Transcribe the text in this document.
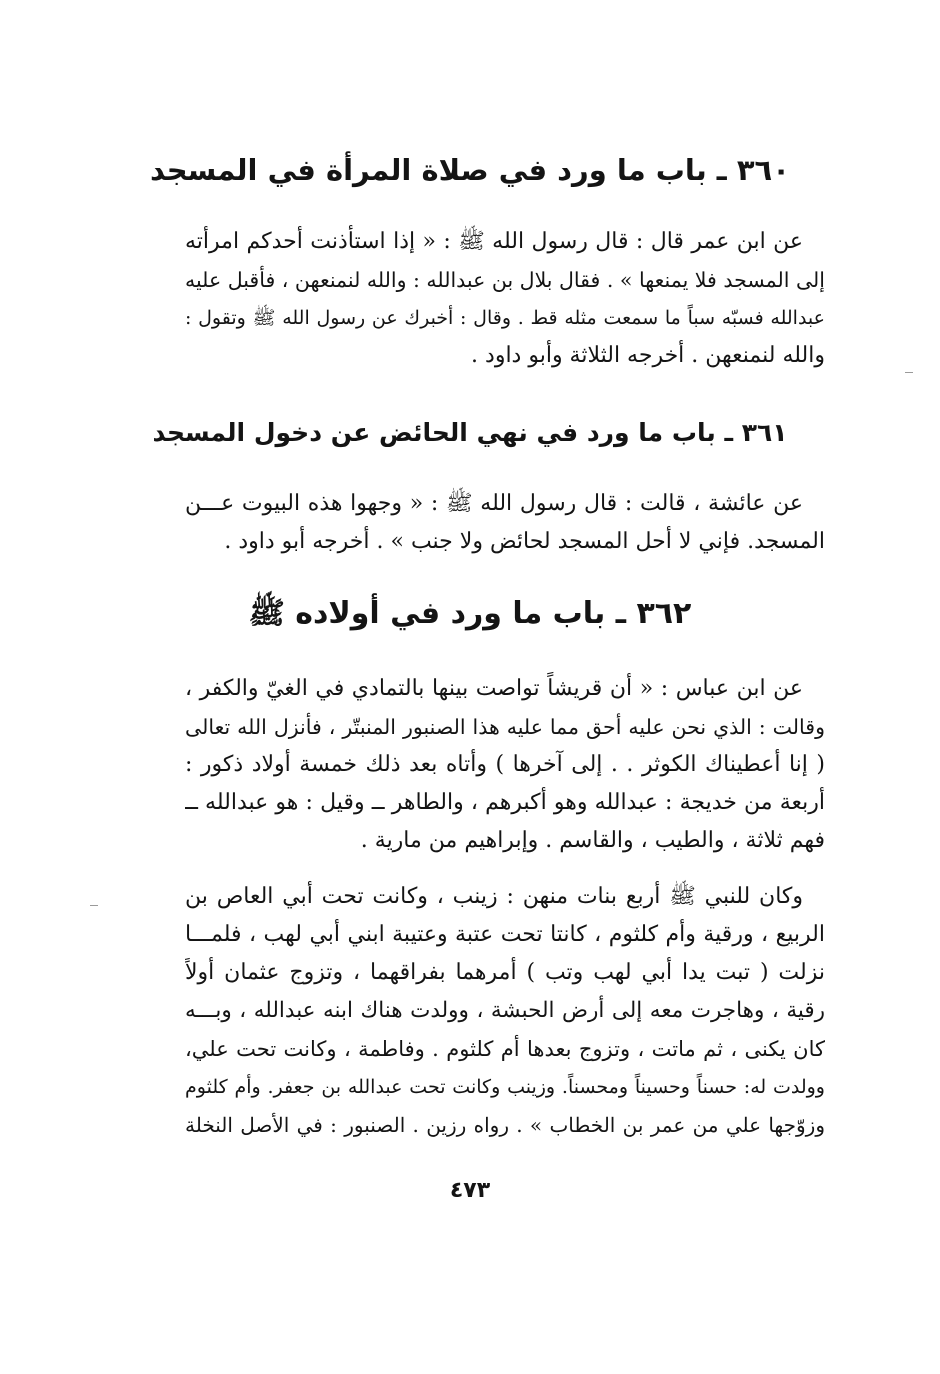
٣٦٠ ـ باب ما ورد في صلاة المرأة في المسجد
عن ابن عمر قال : قال رسول الله ﷺ : « إذا استأذنت أحدكم امرأته
إلى المسجد فلا يمنعها » . فقال بلال بن عبدالله : والله لنمنعهن ، فأقبل عليه
عبدالله فسبّه سباً ما سمعت مثله قط . وقال : أخبرك عن رسول الله ﷺ وتقول :
والله لنمنعهن . أخرجه الثلاثة وأبو داود .
٣٦١ ـ باب ما ورد في نهي الحائض عن دخول المسجد
عن عائشة ، قالت : قال رسول الله ﷺ : « وجهوا هذه البيوت عـــن
المسجد. فإني لا أحل المسجد لحائض ولا جنب » . أخرجه أبو داود .
٣٦٢ ـ باب ما ورد في أولاده ﷺ
عن ابن عباس : « أن قريشاً تواصت بينها بالتمادي في الغيّ والكفر ،
وقالت : الذي نحن عليه أحق مما عليه هذا الصنبور المنبتّر ، فأنزل الله تعالى
( إنا أعطيناك الكوثر . . إلى آخرها ) وأتاه بعد ذلك خمسة أولاد ذكور :
أربعة من خديجة : عبدالله وهو أكبرهم ، والطاهر ــ وقيل : هو عبدالله ــ
فهم ثلاثة ، والطيب ، والقاسم . وإبراهيم من مارية .
وكان للنبي ﷺ أربع بنات منهن : زينب ، وكانت تحت أبي العاص بن
الربيع ، ورقية وأم كلثوم ، كانتا تحت عتبة وعتيبة ابني أبي لهب ، فلمـــا
نزلت ( تبت يدا أبي لهب وتب ) أمرهما بفراقهما ، وتزوج عثمان أولاً
رقية ، وهاجرت معه إلى أرض الحبشة ، وولدت هناك ابنه عبدالله ، وبـــه
كان يكنى ، ثم ماتت ، وتزوج بعدها أم كلثوم . وفاطمة ، وكانت تحت علي،
وولدت له: حسناً وحسيناً ومحسناً. وزينب وكانت تحت عبدالله بن جعفر. وأم كلثوم
وزوّجها علي من عمر بن الخطاب » . رواه رزين . الصنبور : في الأصل النخلة
٤٧٣
